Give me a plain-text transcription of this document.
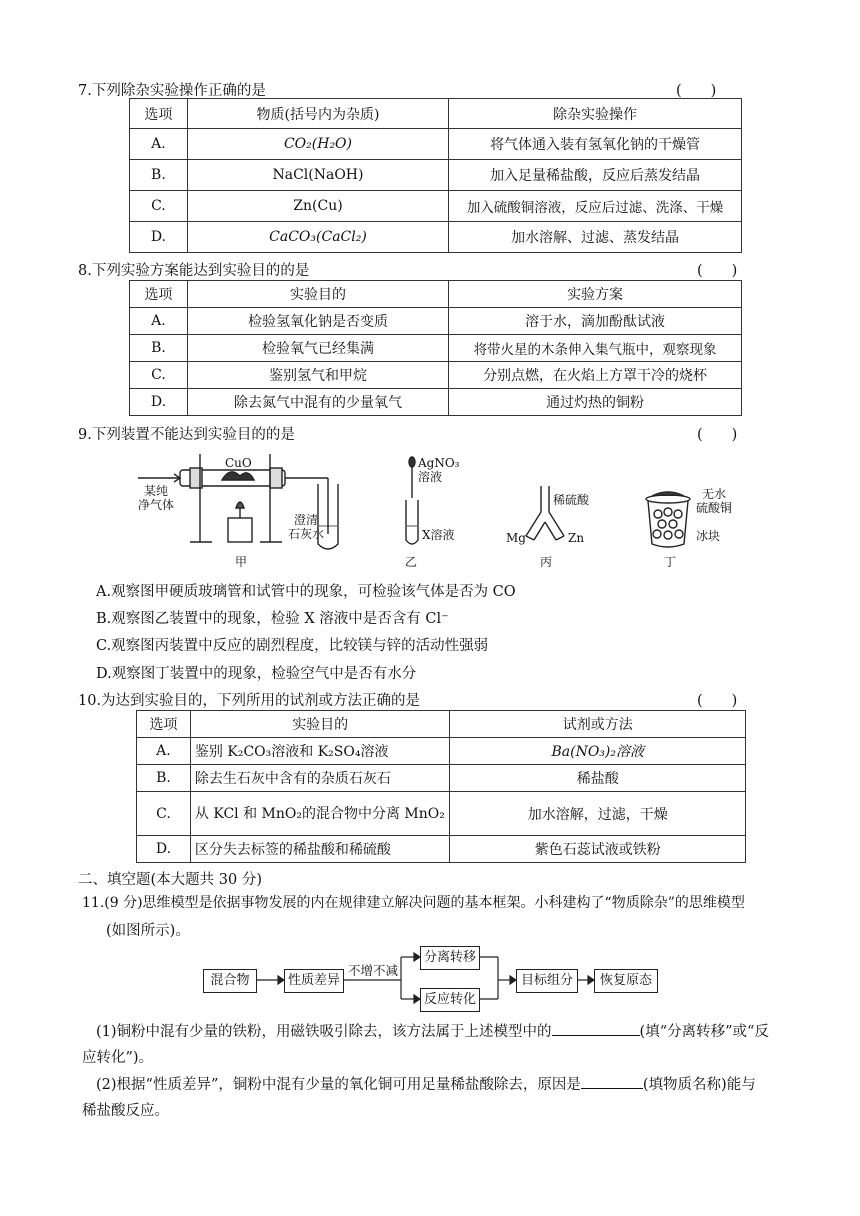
7.下列除杂实验操作正确的是	(　　)
选项	物质(括号内为杂质)	除杂实验操作
A.	CO₂(H₂O)	将气体通入装有氢氧化钠的干燥管
B.	NaCl(NaOH)	加入足量稀盐酸，反应后蒸发结晶
C.	Zn(Cu)	加入硫酸铜溶液，反应后过滤、洗涤、干燥
D.	CaCO₃(CaCl₂)	加水溶解、过滤、蒸发结晶
8.下列实验方案能达到实验目的的是	(　　)
选项	实验目的	实验方案
A.	检验氢氧化钠是否变质	溶于水，滴加酚酞试液
B.	检验氧气已经集满	将带火星的木条伸入集气瓶中，观察现象
C.	鉴别氢气和甲烷	分别点燃，在火焰上方罩干冷的烧杯
D.	除去氮气中混有的少量氧气	通过灼热的铜粉
9.下列装置不能达到实验目的的是	(　　)
CuO
某纯
净气体
澄清
石灰水
甲
AgNO₃
溶液
X溶液
乙
稀硫酸
Mg	Zn
丙
无水
硫酸铜
冰块
丁
A.观察图甲硬质玻璃管和试管中的现象，可检验该气体是否为 CO
B.观察图乙装置中的现象，检验 X 溶液中是否含有 Cl⁻
C.观察图丙装置中反应的剧烈程度，比较镁与锌的活动性强弱
D.观察图丁装置中的现象，检验空气中是否有水分
10.为达到实验目的，下列所用的试剂或方法正确的是	(　　)
选项	实验目的	试剂或方法
A.	鉴别 K₂CO₃溶液和 K₂SO₄溶液	Ba(NO₃)₂溶液
B.	除去生石灰中含有的杂质石灰石	稀盐酸
C.	从 KCl 和 MnO₂的混合物中分离 MnO₂	加水溶解，过滤，干燥
D.	区分失去标签的稀盐酸和稀硫酸	紫色石蕊试液或铁粉
二、填空题(本大题共 30 分)
11.(9 分)思维模型是依据事物发展的内在规律建立解决问题的基本框架。小科建构了“物质除杂”的思维模型
(如图所示)。
混合物	性质差异
不增不减
分离转移
反应转化
目标组分	恢复原态
(1)铜粉中混有少量的铁粉，用磁铁吸引除去，该方法属于上述模型中的	(填“分离转移”或“反
应转化”)。
(2)根据“性质差异”，铜粉中混有少量的氧化铜可用足量稀盐酸除去，原因是	(填物质名称)能与
稀盐酸反应。
